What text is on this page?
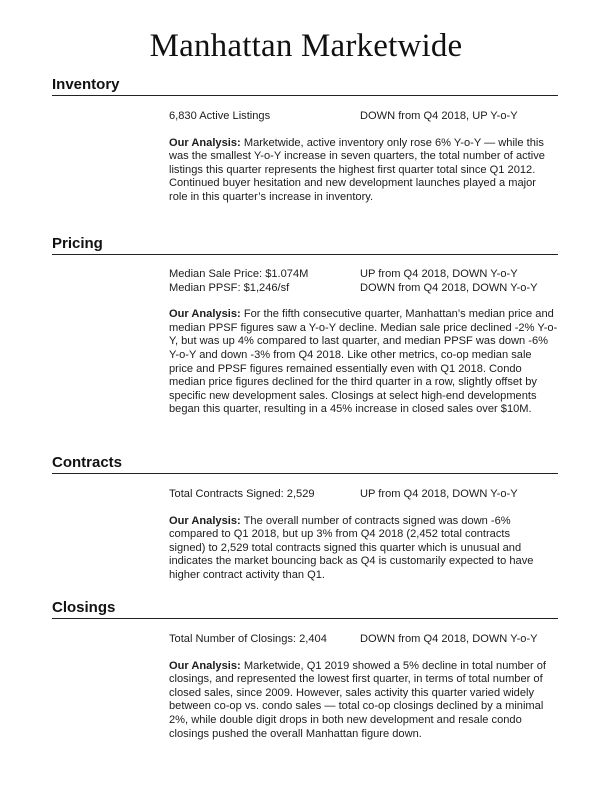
Manhattan Marketwide
Inventory
6,830 Active Listings	DOWN from Q4 2018, UP Y-o-Y
Our Analysis: Marketwide, active inventory only rose 6% Y-o-Y — while this was the smallest Y-o-Y increase in seven quarters, the total number of active listings this quarter represents the highest first quarter total since Q1 2012. Continued buyer hesitation and new development launches played a major role in this quarter’s increase in inventory.
Pricing
Median Sale Price: $1.074M	UP from Q4 2018, DOWN Y-o-Y
Median PPSF: $1,246/sf	DOWN from Q4 2018, DOWN Y-o-Y
Our Analysis: For the fifth consecutive quarter, Manhattan’s median price and median PPSF figures saw a Y-o-Y decline. Median sale price declined -2% Y-o-Y, but was up 4% compared to last quarter, and median PPSF was down -6% Y-o-Y and down -3% from Q4 2018. Like other metrics, co-op median sale price and PPSF figures remained essentially even with Q1 2018. Condo median price figures declined for the third quarter in a row, slightly offset by specific new development sales. Closings at select high-end developments began this quarter, resulting in a 45% increase in closed sales over $10M.
Contracts
Total Contracts Signed: 2,529	UP from Q4 2018, DOWN Y-o-Y
Our Analysis: The overall number of contracts signed was down -6% compared to Q1 2018, but up 3% from Q4 2018 (2,452 total contracts signed) to 2,529 total contracts signed this quarter which is unusual and indicates the market bouncing back as Q4 is customarily expected to have higher contract activity than Q1.
Closings
Total Number of Closings: 2,404	DOWN from Q4 2018, DOWN Y-o-Y
Our Analysis: Marketwide, Q1 2019 showed a 5% decline in total number of closings, and represented the lowest first quarter, in terms of total number of closed sales, since 2009. However, sales activity this quarter varied widely between co-op vs. condo sales — total co-op closings declined by a minimal 2%, while double digit drops in both new development and resale condo closings pushed the overall Manhattan figure down.
